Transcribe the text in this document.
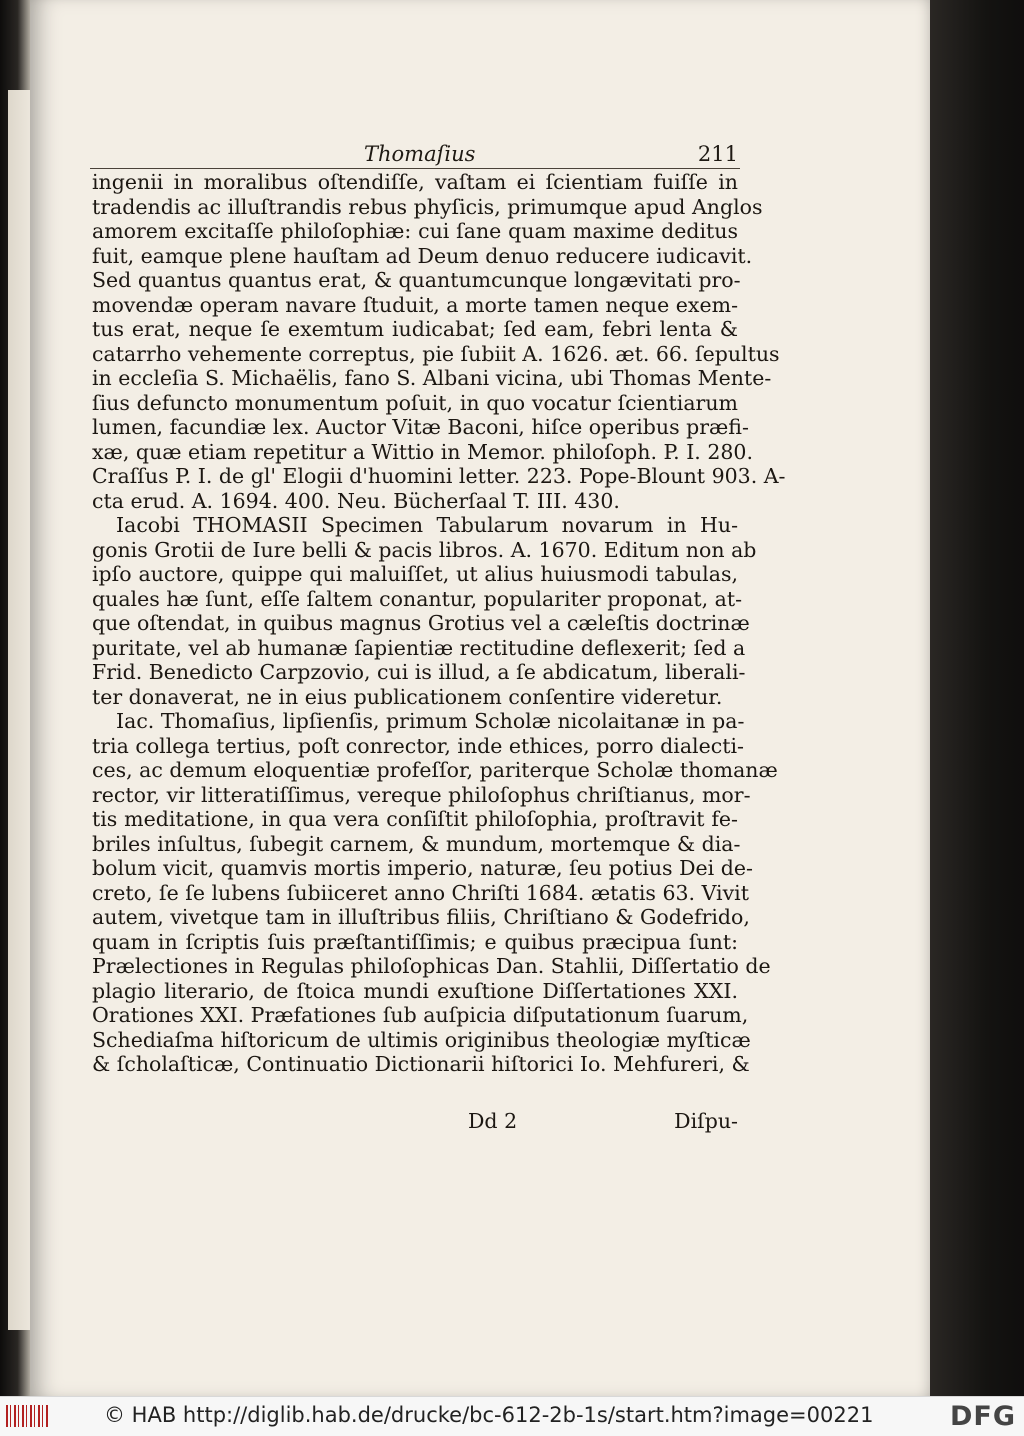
Thomaſius	211
ingenii in moralibus oſtendiſſe, vaſtam ei ſcientiam fuiſſe in
tradendis ac illuſtrandis rebus phyſicis, primumque apud Anglos
amorem excitaſſe philoſophiæ: cui ſane quam maxime deditus
fuit, eamque plene hauſtam ad Deum denuo reducere iudicavit.
Sed quantus quantus erat, & quantumcunque longævitati pro-
movendæ operam navare ſtuduit, a morte tamen neque exem-
tus erat, neque ſe exemtum iudicabat; ſed eam, febri lenta &
catarrho vehemente correptus, pie ſubiit A. 1626. æt. 66. ſepultus
in eccleſia S. Michaëlis, fano S. Albani vicina, ubi Thomas Mente-
ſius defuncto monumentum poſuit, in quo vocatur ſcientiarum
lumen, facundiæ lex. Auctor Vitæ Baconi, hiſce operibus præfi-
xæ, quæ etiam repetitur a Wittio in Memor. philoſoph. P. I. 280.
Craſſus P. I. de gl' Elogii d'huomini letter. 223. Pope-Blount 903. A-
cta erud. A. 1694. 400. Neu. Bücherſaal T. III. 430.
Iacobi THOMASII Specimen Tabularum novarum in Hu-
gonis Grotii de Iure belli & pacis libros. A. 1670. Editum non ab
ipſo auctore, quippe qui maluiſſet, ut alius huiusmodi tabulas,
quales hæ ſunt, eſſe ſaltem conantur, populariter proponat, at-
que oſtendat, in quibus magnus Grotius vel a cæleſtis doctrinæ
puritate, vel ab humanæ ſapientiæ rectitudine deflexerit; ſed a
Frid. Benedicto Carpzovio, cui is illud, a ſe abdicatum, liberali-
ter donaverat, ne in eius publicationem conſentire videretur.
Iac. Thomaſius, lipſienſis, primum Scholæ nicolaitanæ in pa-
tria collega tertius, poſt conrector, inde ethices, porro dialecti-
ces, ac demum eloquentiæ profeſſor, pariterque Scholæ thomanæ
rector, vir litteratiſſimus, vereque philoſophus chriſtianus, mor-
tis meditatione, in qua vera conſiſtit philoſophia, proſtravit fe-
briles inſultus, ſubegit carnem, & mundum, mortemque & dia-
bolum vicit, quamvis mortis imperio, naturæ, ſeu potius Dei de-
creto, ſe ſe lubens ſubiiceret anno Chriſti 1684. ætatis 63. Vivit
autem, vivetque tam in illuſtribus filiis, Chriſtiano & Godefrido,
quam in ſcriptis ſuis præſtantiſſimis; e quibus præcipua ſunt:
Prælectiones in Regulas philoſophicas Dan. Stahlii, Diſſertatio de
plagio literario, de ſtoica mundi exuſtione Diſſertationes XXI.
Orationes XXI. Præfationes ſub auſpicia diſputationum ſuarum,
Schediaſma hiſtoricum de ultimis originibus theologiæ myſticæ
& ſcholaſticæ, Continuatio Dictionarii hiſtorici Io. Mehfureri, &
Dd 2	Diſpu-
© HAB http://diglib.hab.de/drucke/bc-612-2b-1s/start.htm?image=00221	DFG
